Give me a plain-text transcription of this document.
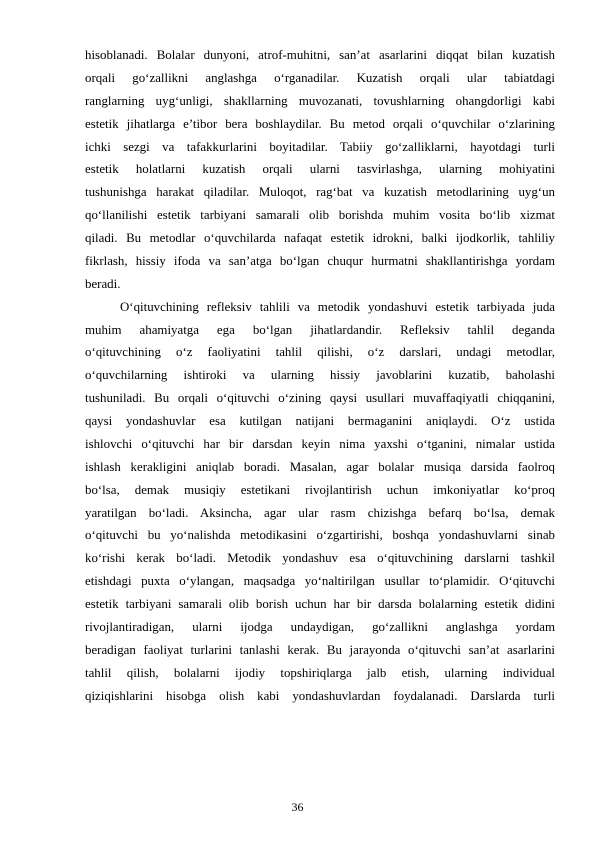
hisoblanadi. Bolalar dunyoni, atrof-muhitni, san’at asarlarini diqqat bilan kuzatish
orqali go‘zallikni anglashga o‘rganadilar. Kuzatish orqali ular tabiatdagi
ranglarning uyg‘unligi, shakllarning muvozanati, tovushlarning ohangdorligi kabi
estetik jihatlarga e’tibor bera boshlaydilar. Bu metod orqali o‘quvchilar o‘zlarining
ichki sezgi va tafakkurlarini boyitadilar. Tabiiy go‘zalliklarni, hayotdagi turli
estetik holatlarni kuzatish orqali ularni tasvirlashga, ularning mohiyatini
tushunishga harakat qiladilar. Muloqot, rag‘bat va kuzatish metodlarining uyg‘un
qo‘llanilishi estetik tarbiyani samarali olib borishda muhim vosita bo‘lib xizmat
qiladi. Bu metodlar o‘quvchilarda nafaqat estetik idrokni, balki ijodkorlik, tahliliy
fikrlash, hissiy ifoda va san’atga bo‘lgan chuqur hurmatni shakllantirishga yordam
beradi.
O‘qituvchining refleksiv tahlili va metodik yondashuvi estetik tarbiyada juda
muhim ahamiyatga ega bo‘lgan jihatlardandir. Refleksiv tahlil deganda
o‘qituvchining o‘z faoliyatini tahlil qilishi, o‘z darslari, undagi metodlar,
o‘quvchilarning ishtiroki va ularning hissiy javoblarini kuzatib, baholashi
tushuniladi. Bu orqali o‘qituvchi o‘zining qaysi usullari muvaffaqiyatli chiqqanini,
qaysi yondashuvlar esa kutilgan natijani bermaganini aniqlaydi. O‘z ustida
ishlovchi o‘qituvchi har bir darsdan keyin nima yaxshi o‘tganini, nimalar ustida
ishlash kerakligini aniqlab boradi. Masalan, agar bolalar musiqa darsida faolroq
bo‘lsa, demak musiqiy estetikani rivojlantirish uchun imkoniyatlar ko‘proq
yaratilgan bo‘ladi. Aksincha, agar ular rasm chizishga befarq bo‘lsa, demak
o‘qituvchi bu yo‘nalishda metodikasini o‘zgartirishi, boshqa yondashuvlarni sinab
ko‘rishi kerak bo‘ladi. Metodik yondashuv esa o‘qituvchining darslarni tashkil
etishdagi puxta o‘ylangan, maqsadga yo‘naltirilgan usullar to‘plamidir. O‘qituvchi
estetik tarbiyani samarali olib borish uchun har bir darsda bolalarning estetik didini
rivojlantiradigan, ularni ijodga undaydigan, go‘zallikni anglashga yordam
beradigan faoliyat turlarini tanlashi kerak. Bu jarayonda o‘qituvchi san’at asarlarini
tahlil qilish, bolalarni ijodiy topshiriqlarga jalb etish, ularning individual
qiziqishlarini hisobga olish kabi yondashuvlardan foydalanadi. Darslarda turli
36
